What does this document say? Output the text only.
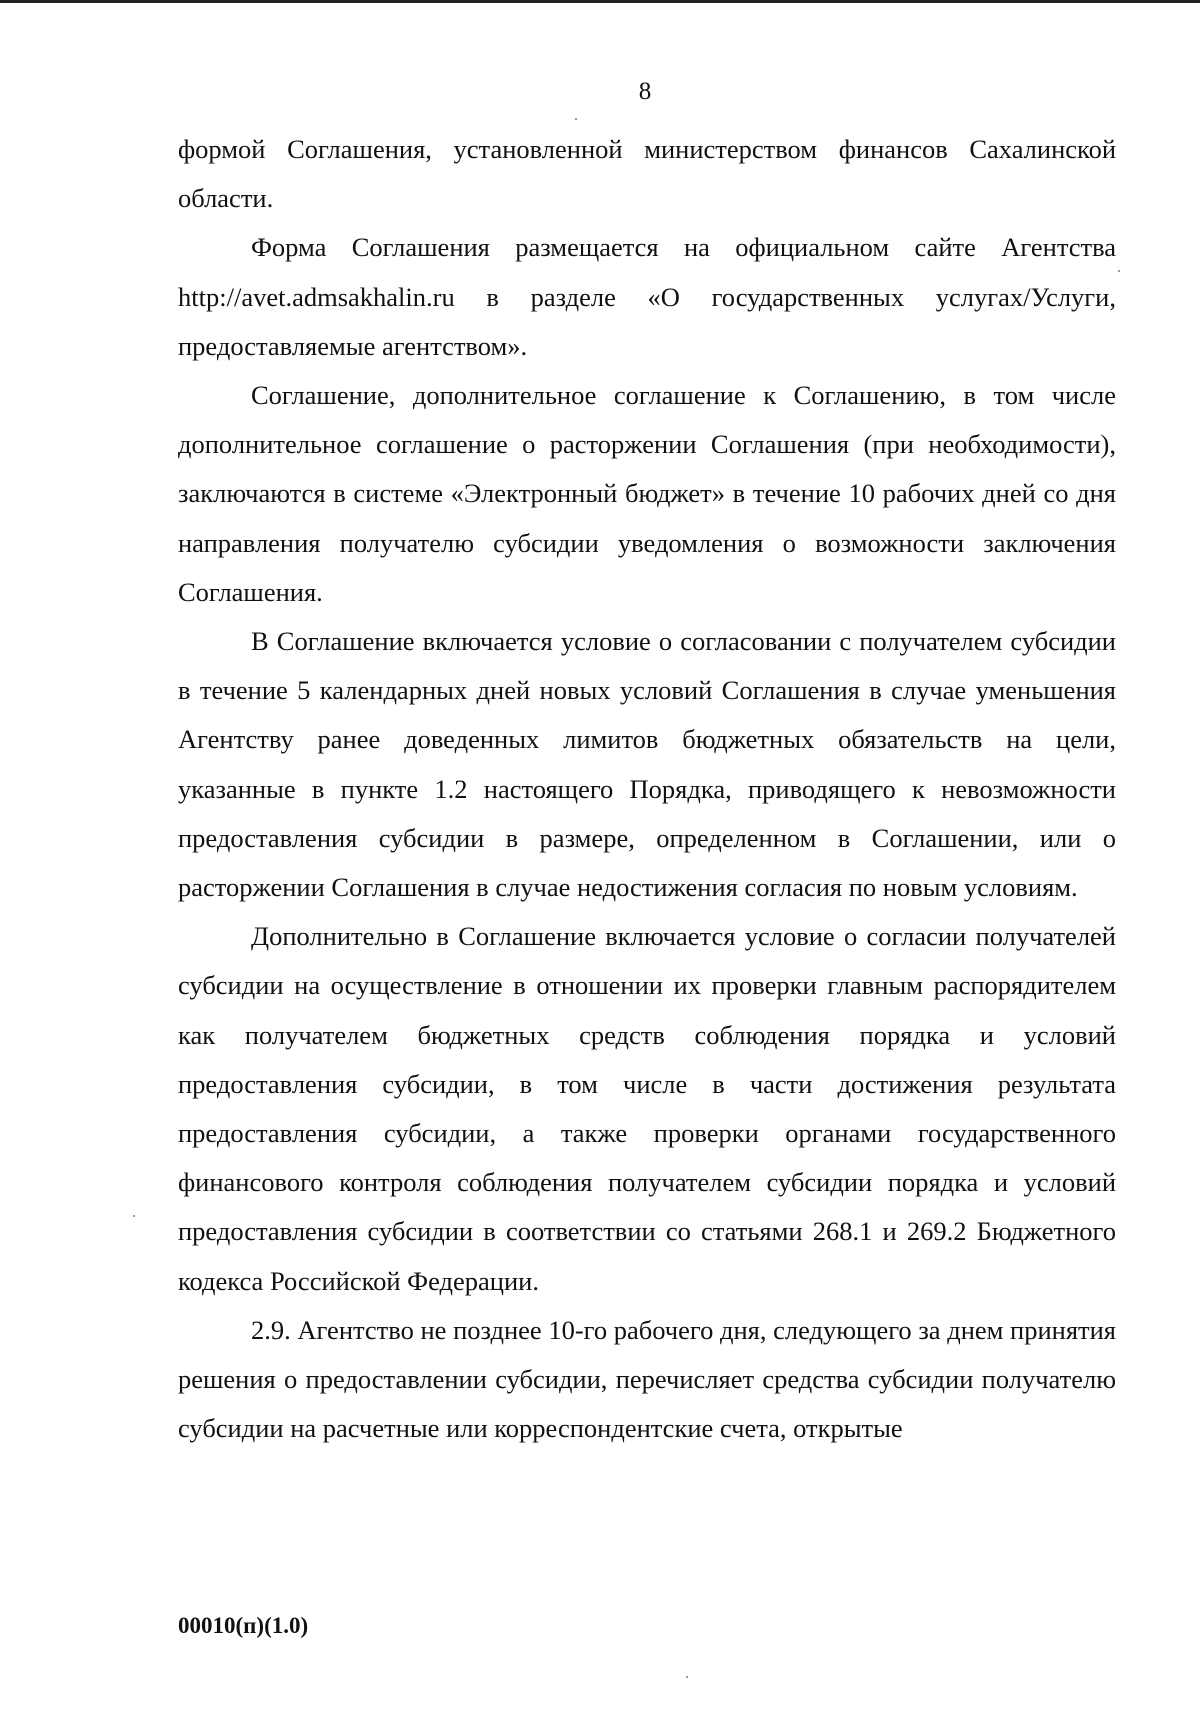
8

формой Соглашения, установленной министерством финансов Сахалинской области.

Форма Соглашения размещается на официальном сайте Агентства http://avet.admsakhalin.ru в разделе «О государственных услугах/Услуги, предоставляемые агентством».

Соглашение, дополнительное соглашение к Соглашению, в том числе дополнительное соглашение о расторжении Соглашения (при необходимости), заключаются в системе «Электронный бюджет» в течение 10 рабочих дней со дня направления получателю субсидии уведомления о возможности заключения Соглашения.

В Соглашение включается условие о согласовании с получателем субсидии в течение 5 календарных дней новых условий Соглашения в случае уменьшения Агентству ранее доведенных лимитов бюджетных обязательств на цели, указанные в пункте 1.2 настоящего Порядка, приводящего к невозможности предоставления субсидии в размере, определенном в Соглашении, или о расторжении Соглашения в случае недостижения согласия по новым условиям.

Дополнительно в Соглашение включается условие о согласии получателей субсидии на осуществление в отношении их проверки главным распорядителем как получателем бюджетных средств соблюдения порядка и условий предоставления субсидии, в том числе в части достижения результата предоставления субсидии, а также проверки органами государственного финансового контроля соблюдения получателем субсидии порядка и условий предоставления субсидии в соответствии со статьями 268.1 и 269.2 Бюджетного кодекса Российской Федерации.

2.9. Агентство не позднее 10-го рабочего дня, следующего за днем принятия решения о предоставлении субсидии, перечисляет средства субсидии получателю субсидии на расчетные или корреспондентские счета, открытые

00010(п)(1.0)
